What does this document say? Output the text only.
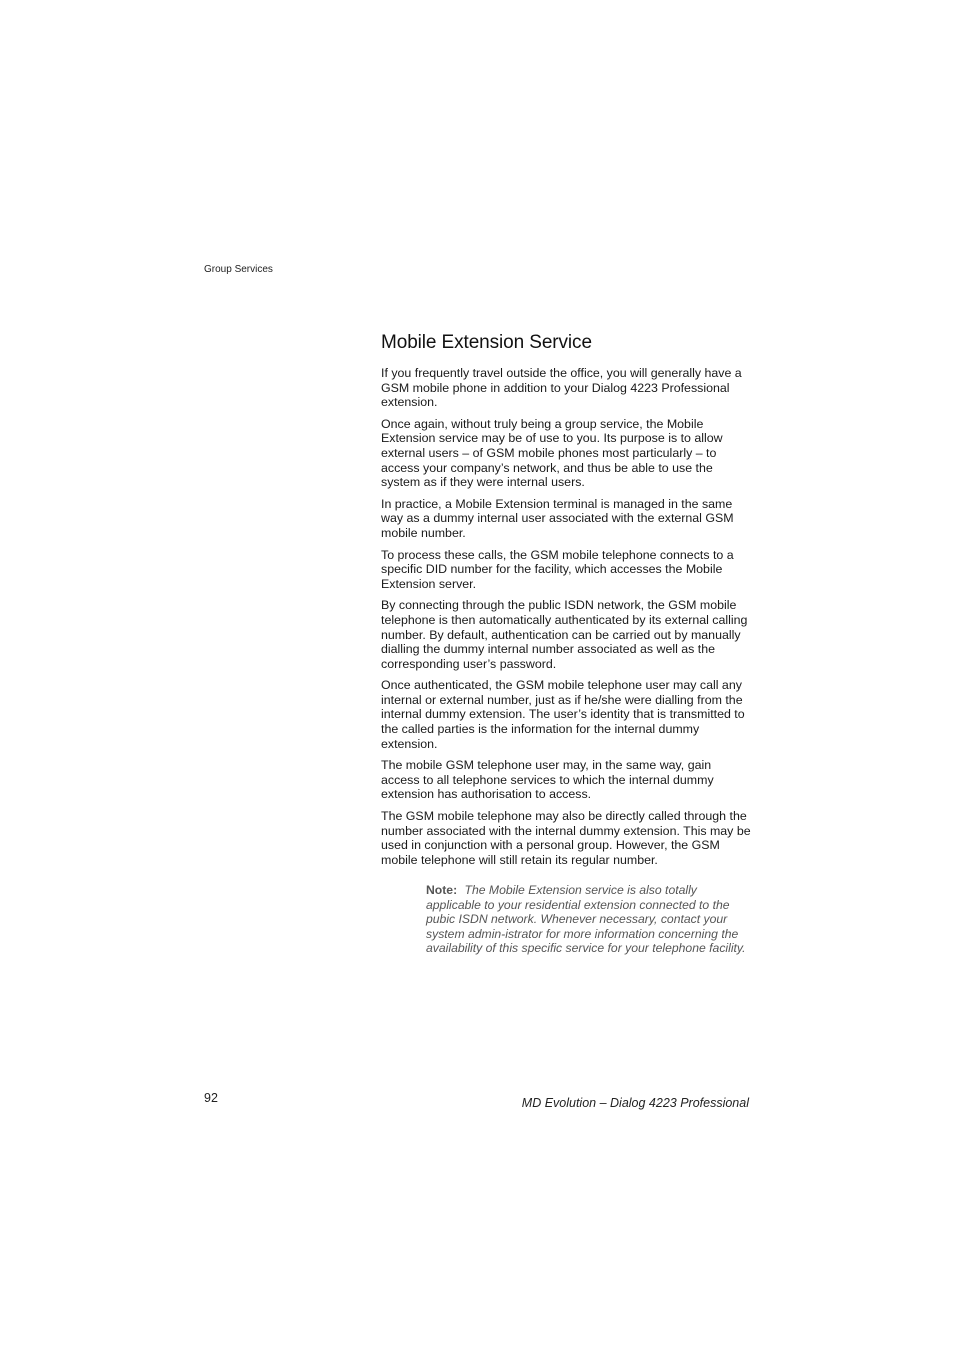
Group Services
Mobile Extension Service

If you frequently travel outside the office, you will generally have a GSM mobile phone in addition to your Dialog 4223 Professional extension.

Once again, without truly being a group service, the Mobile Extension service may be of use to you. Its purpose is to allow external users – of GSM mobile phones most particularly – to access your company’s network, and thus be able to use the system as if they were internal users.

In practice, a Mobile Extension terminal is managed in the same way as a dummy internal user associated with the external GSM mobile number.

To process these calls, the GSM mobile telephone connects to a specific DID number for the facility, which accesses the Mobile Extension server.

By connecting through the public ISDN network, the GSM mobile telephone is then automatically authenticated by its external calling number. By default, authentication can be carried out by manually dialling the dummy internal number associated as well as the corresponding user’s password.

Once authenticated, the GSM mobile telephone user may call any internal or external number, just as if he/she were dialling from the internal dummy extension. The user’s identity that is transmitted to the called parties is the information for the internal dummy extension.

The mobile GSM telephone user may, in the same way, gain access to all telephone services to which the internal dummy extension has authorisation to access.

The GSM mobile telephone may also be directly called through the number associated with the internal dummy extension. This may be used in conjunction with a personal group. However, the GSM mobile telephone will still retain its regular number.

Note: The Mobile Extension service is also totally applicable to your residential extension connected to the pubic ISDN network. Whenever necessary, contact your system admin-istrator for more information concerning the availability of this specific service for your telephone facility.
92	MD Evolution – Dialog 4223 Professional
